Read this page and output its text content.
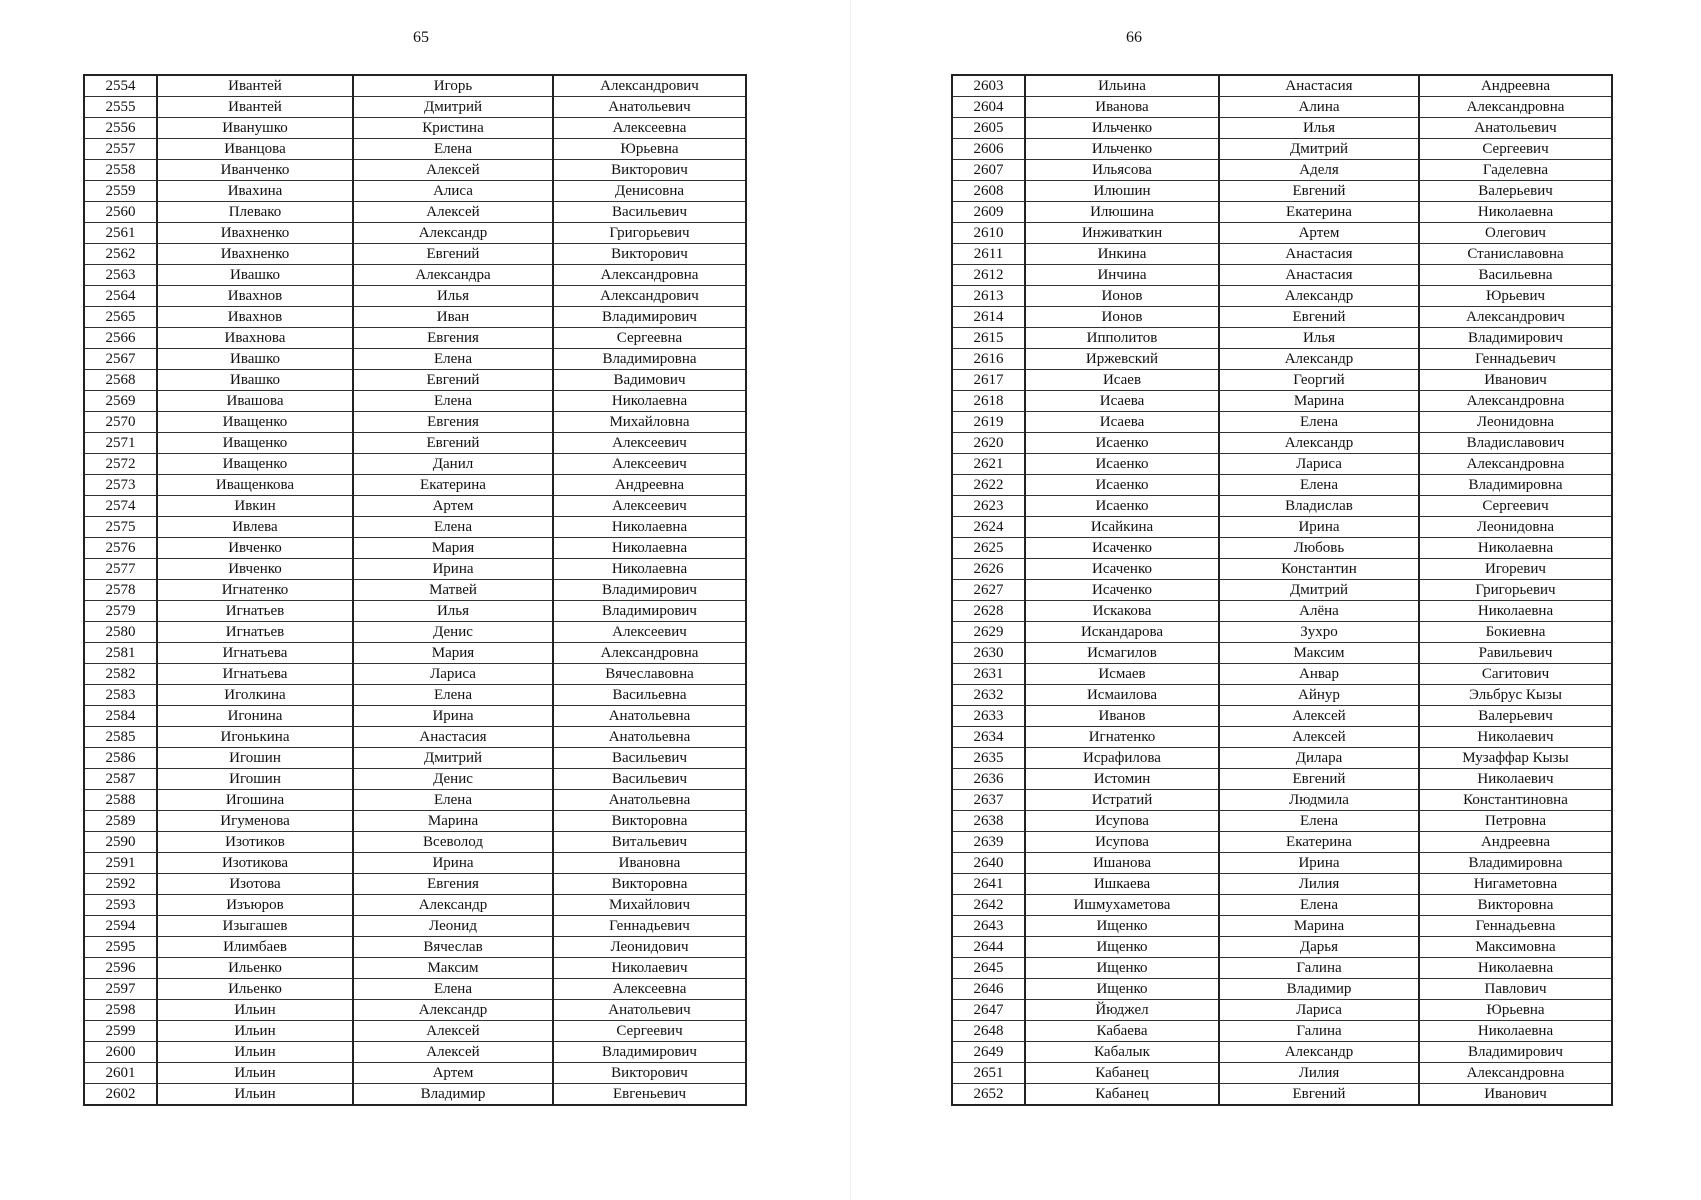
65
2554	Ивантей	Игорь	Александрович
2555	Ивантей	Дмитрий	Анатольевич
2556	Иванушко	Кристина	Алексеевна
2557	Иванцова	Елена	Юрьевна
2558	Иванченко	Алексей	Викторович
2559	Ивахина	Алиса	Денисовна
2560	Плевако	Алексей	Васильевич
2561	Ивахненко	Александр	Григорьевич
2562	Ивахненко	Евгений	Викторович
2563	Ивашко	Александра	Александровна
2564	Ивахнов	Илья	Александрович
2565	Ивахнов	Иван	Владимирович
2566	Ивахнова	Евгения	Сергеевна
2567	Ивашко	Елена	Владимировна
2568	Ивашко	Евгений	Вадимович
2569	Ивашова	Елена	Николаевна
2570	Иващенко	Евгения	Михайловна
2571	Иващенко	Евгений	Алексеевич
2572	Иващенко	Данил	Алексеевич
2573	Иващенкова	Екатерина	Андреевна
2574	Ивкин	Артем	Алексеевич
2575	Ивлева	Елена	Николаевна
2576	Ивченко	Мария	Николаевна
2577	Ивченко	Ирина	Николаевна
2578	Игнатенко	Матвей	Владимирович
2579	Игнатьев	Илья	Владимирович
2580	Игнатьев	Денис	Алексеевич
2581	Игнатьева	Мария	Александровна
2582	Игнатьева	Лариса	Вячеславовна
2583	Иголкина	Елена	Васильевна
2584	Игонина	Ирина	Анатольевна
2585	Игонькина	Анастасия	Анатольевна
2586	Игошин	Дмитрий	Васильевич
2587	Игошин	Денис	Васильевич
2588	Игошина	Елена	Анатольевна
2589	Игуменова	Марина	Викторовна
2590	Изотиков	Всеволод	Витальевич
2591	Изотикова	Ирина	Ивановна
2592	Изотова	Евгения	Викторовна
2593	Изъюров	Александр	Михайлович
2594	Изыгашев	Леонид	Геннадьевич
2595	Илимбаев	Вячеслав	Леонидович
2596	Ильенко	Максим	Николаевич
2597	Ильенко	Елена	Алексеевна
2598	Ильин	Александр	Анатольевич
2599	Ильин	Алексей	Сергеевич
2600	Ильин	Алексей	Владимирович
2601	Ильин	Артем	Викторович
2602	Ильин	Владимир	Евгеньевич
66
2603	Ильина	Анастасия	Андреевна
2604	Иванова	Алина	Александровна
2605	Ильченко	Илья	Анатольевич
2606	Ильченко	Дмитрий	Сергеевич
2607	Ильясова	Аделя	Гаделевна
2608	Илюшин	Евгений	Валерьевич
2609	Илюшина	Екатерина	Николаевна
2610	Инживаткин	Артем	Олегович
2611	Инкина	Анастасия	Станиславовна
2612	Инчина	Анастасия	Васильевна
2613	Ионов	Александр	Юрьевич
2614	Ионов	Евгений	Александрович
2615	Ипполитов	Илья	Владимирович
2616	Иржевский	Александр	Геннадьевич
2617	Исаев	Георгий	Иванович
2618	Исаева	Марина	Александровна
2619	Исаева	Елена	Леонидовна
2620	Исаенко	Александр	Владиславович
2621	Исаенко	Лариса	Александровна
2622	Исаенко	Елена	Владимировна
2623	Исаенко	Владислав	Сергеевич
2624	Исайкина	Ирина	Леонидовна
2625	Исаченко	Любовь	Николаевна
2626	Исаченко	Константин	Игоревич
2627	Исаченко	Дмитрий	Григорьевич
2628	Искакова	Алёна	Николаевна
2629	Искандарова	Зухро	Бокиевна
2630	Исмагилов	Максим	Равильевич
2631	Исмаев	Анвар	Сагитович
2632	Исмаилова	Айнур	Эльбрус Кызы
2633	Иванов	Алексей	Валерьевич
2634	Игнатенко	Алексей	Николаевич
2635	Исрафилова	Дилара	Музаффар Кызы
2636	Истомин	Евгений	Николаевич
2637	Истратий	Людмила	Константиновна
2638	Исупова	Елена	Петровна
2639	Исупова	Екатерина	Андреевна
2640	Ишанова	Ирина	Владимировна
2641	Ишкаева	Лилия	Нигаметовна
2642	Ишмухаметова	Елена	Викторовна
2643	Ищенко	Марина	Геннадьевна
2644	Ищенко	Дарья	Максимовна
2645	Ищенко	Галина	Николаевна
2646	Ищенко	Владимир	Павлович
2647	Йюджел	Лариса	Юрьевна
2648	Кабаева	Галина	Николаевна
2649	Кабалык	Александр	Владимирович
2651	Кабанец	Лилия	Александровна
2652	Кабанец	Евгений	Иванович
